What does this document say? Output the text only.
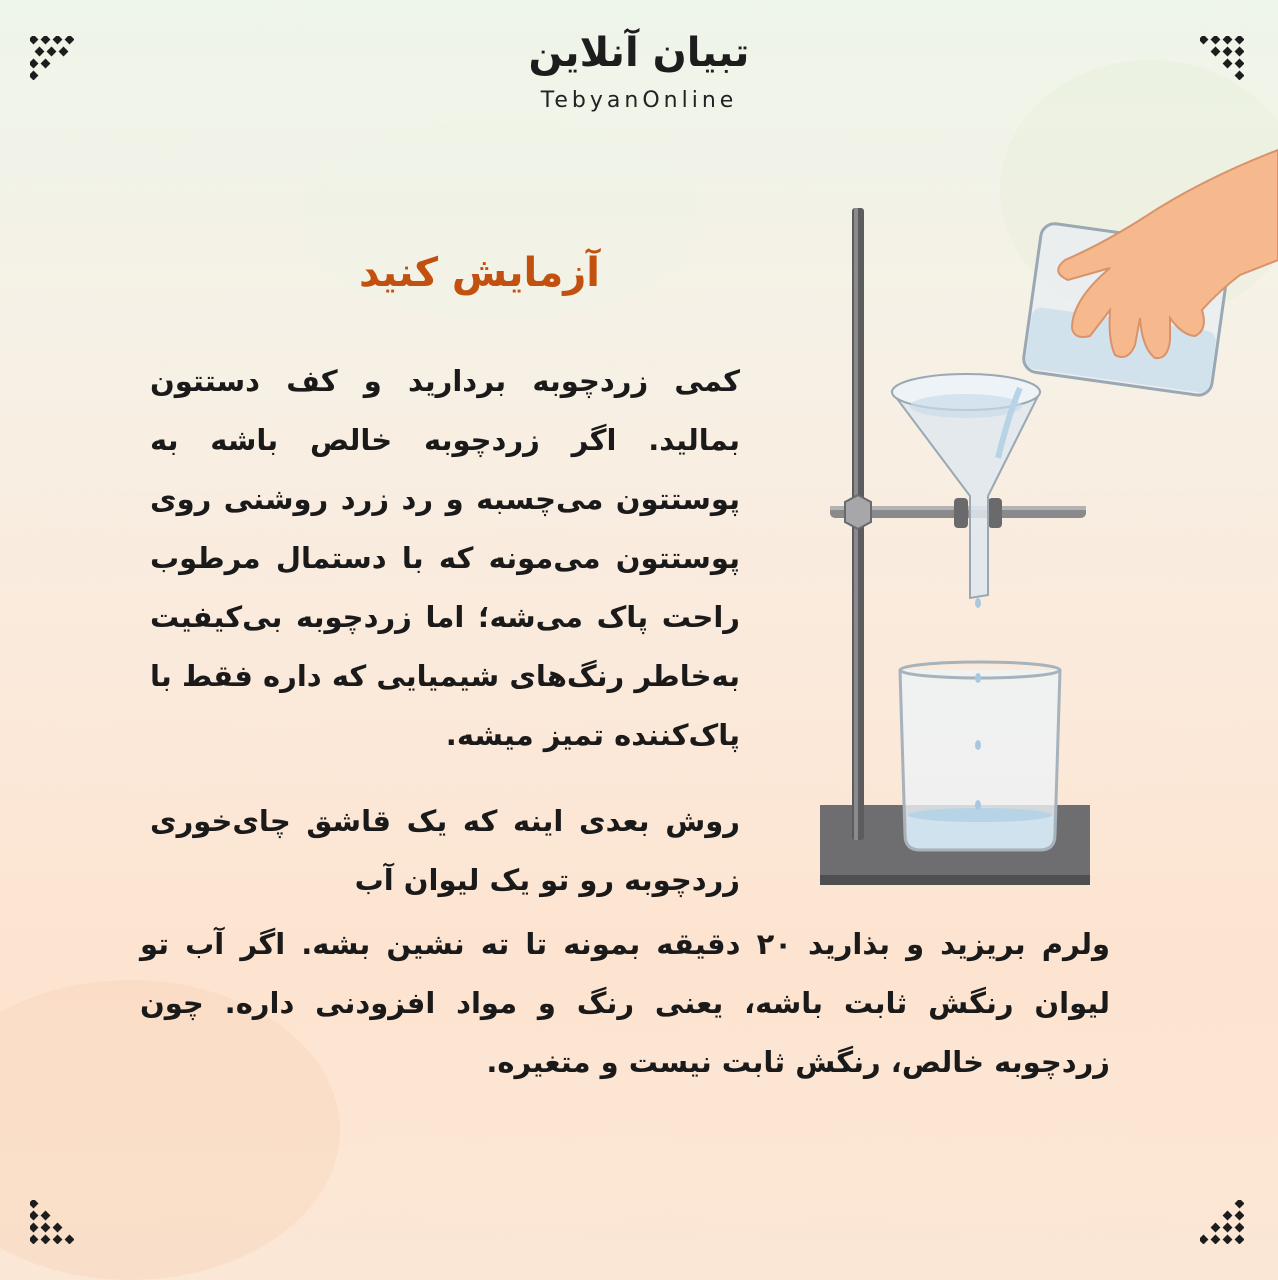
تبیان آنلاین
TebyanOnline
آزمایش کنید
کمی زردچوبه بردارید و کف دستتون بمالید. اگر زردچوبه خالص باشه به پوستتون می‌چسبه و رد زرد روشنی روی پوستتون می‌مونه که با دستمال مرطوب راحت پاک می‌شه؛ اما زردچوبه بی‌کیفیت به‌خاطر رنگ‌های شیمیایی که داره فقط با پاک‌کننده تمیز میشه.
روش بعدی اینه که یک قاشق چای‌خوری زردچوبه رو تو یک لیوان آب
ولرم بریزید و بذارید ۲۰ دقیقه بمونه تا ته نشین بشه. اگر آب تو لیوان رنگش ثابت باشه، یعنی رنگ و مواد افزودنی داره. چون زردچوبه خالص، رنگش ثابت نیست و متغیره.
